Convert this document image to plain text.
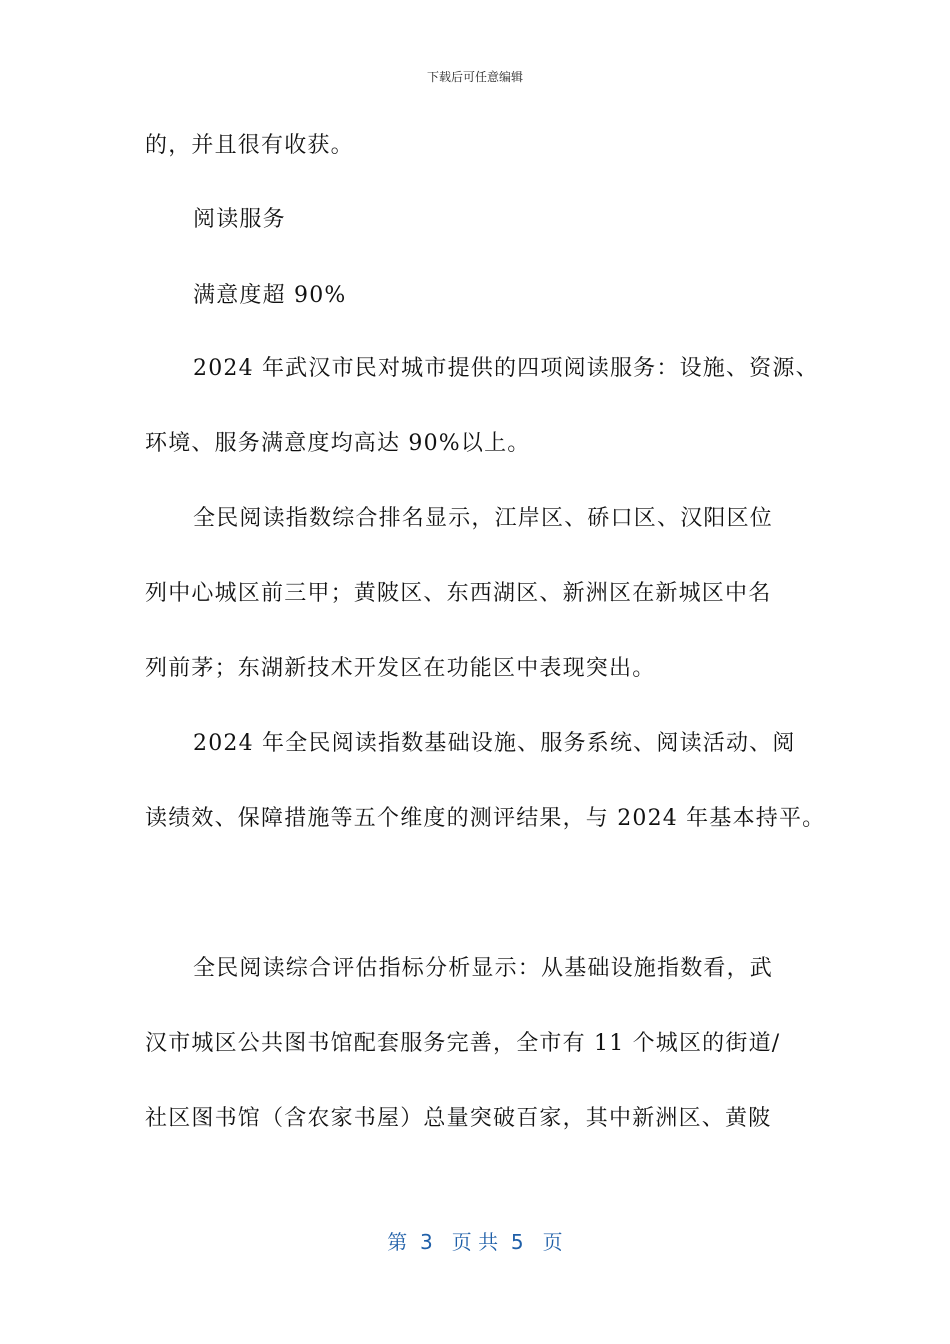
下载后可任意编辑
的，并且很有收获。
阅读服务
满意度超 90%
2024 年武汉市民对城市提供的四项阅读服务：设施、资源、
环境、服务满意度均高达 90%以上。
全民阅读指数综合排名显示，江岸区、硚口区、汉阳区位
列中心城区前三甲；黄陂区、东西湖区、新洲区在新城区中名
列前茅；东湖新技术开发区在功能区中表现突出。
2024 年全民阅读指数基础设施、服务系统、阅读活动、阅
读绩效、保障措施等五个维度的测评结果，与 2024 年基本持平。
全民阅读综合评估指标分析显示：从基础设施指数看，武
汉市城区公共图书馆配套服务完善，全市有 11 个城区的街道/
社区图书馆（含农家书屋）总量突破百家，其中新洲区、黄陂
第  3   页 共  5   页
